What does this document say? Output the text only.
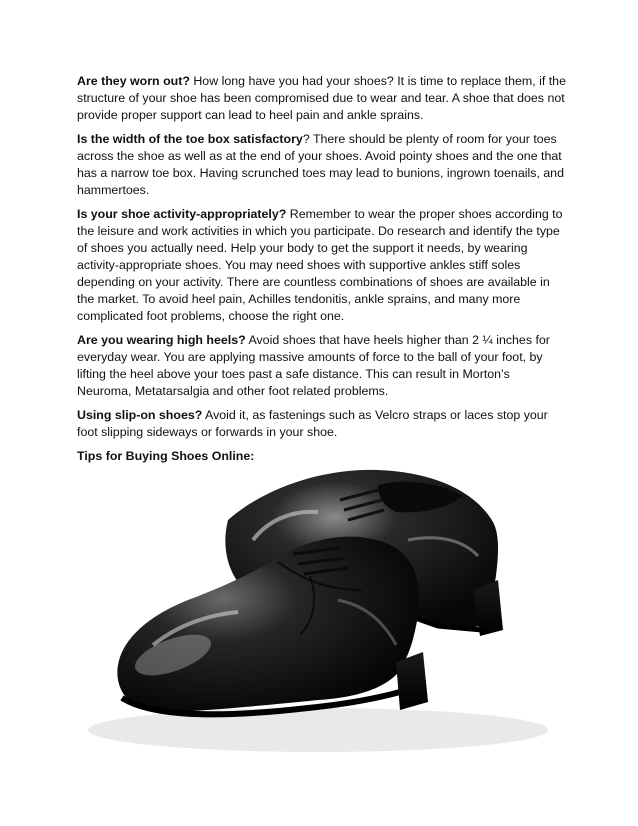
Are they worn out? How long have you had your shoes? It is time to replace them, if the structure of your shoe has been compromised due to wear and tear. A shoe that does not provide proper support can lead to heel pain and ankle sprains.

Is the width of the toe box satisfactory? There should be plenty of room for your toes across the shoe as well as at the end of your shoes. Avoid pointy shoes and the one that has a narrow toe box. Having scrunched toes may lead to bunions, ingrown toenails, and hammertoes.

Is your shoe activity-appropriately? Remember to wear the proper shoes according to the leisure and work activities in which you participate. Do research and identify the type of shoes you actually need. Help your body to get the support it needs, by wearing activity-appropriate shoes. You may need shoes with supportive ankles stiff soles depending on your activity. There are countless combinations of shoes are available in the market. To avoid heel pain, Achilles tendonitis, ankle sprains, and many more complicated foot problems, choose the right one.

Are you wearing high heels? Avoid shoes that have heels higher than 2 ¼ inches for everyday wear. You are applying massive amounts of force to the ball of your foot, by lifting the heel above your toes past a safe distance. This can result in Morton’s Neuroma, Metatarsalgia and other foot related problems.

Using slip-on shoes? Avoid it, as fastenings such as Velcro straps or laces stop your foot slipping sideways or forwards in your shoe.

Tips for Buying Shoes Online:
